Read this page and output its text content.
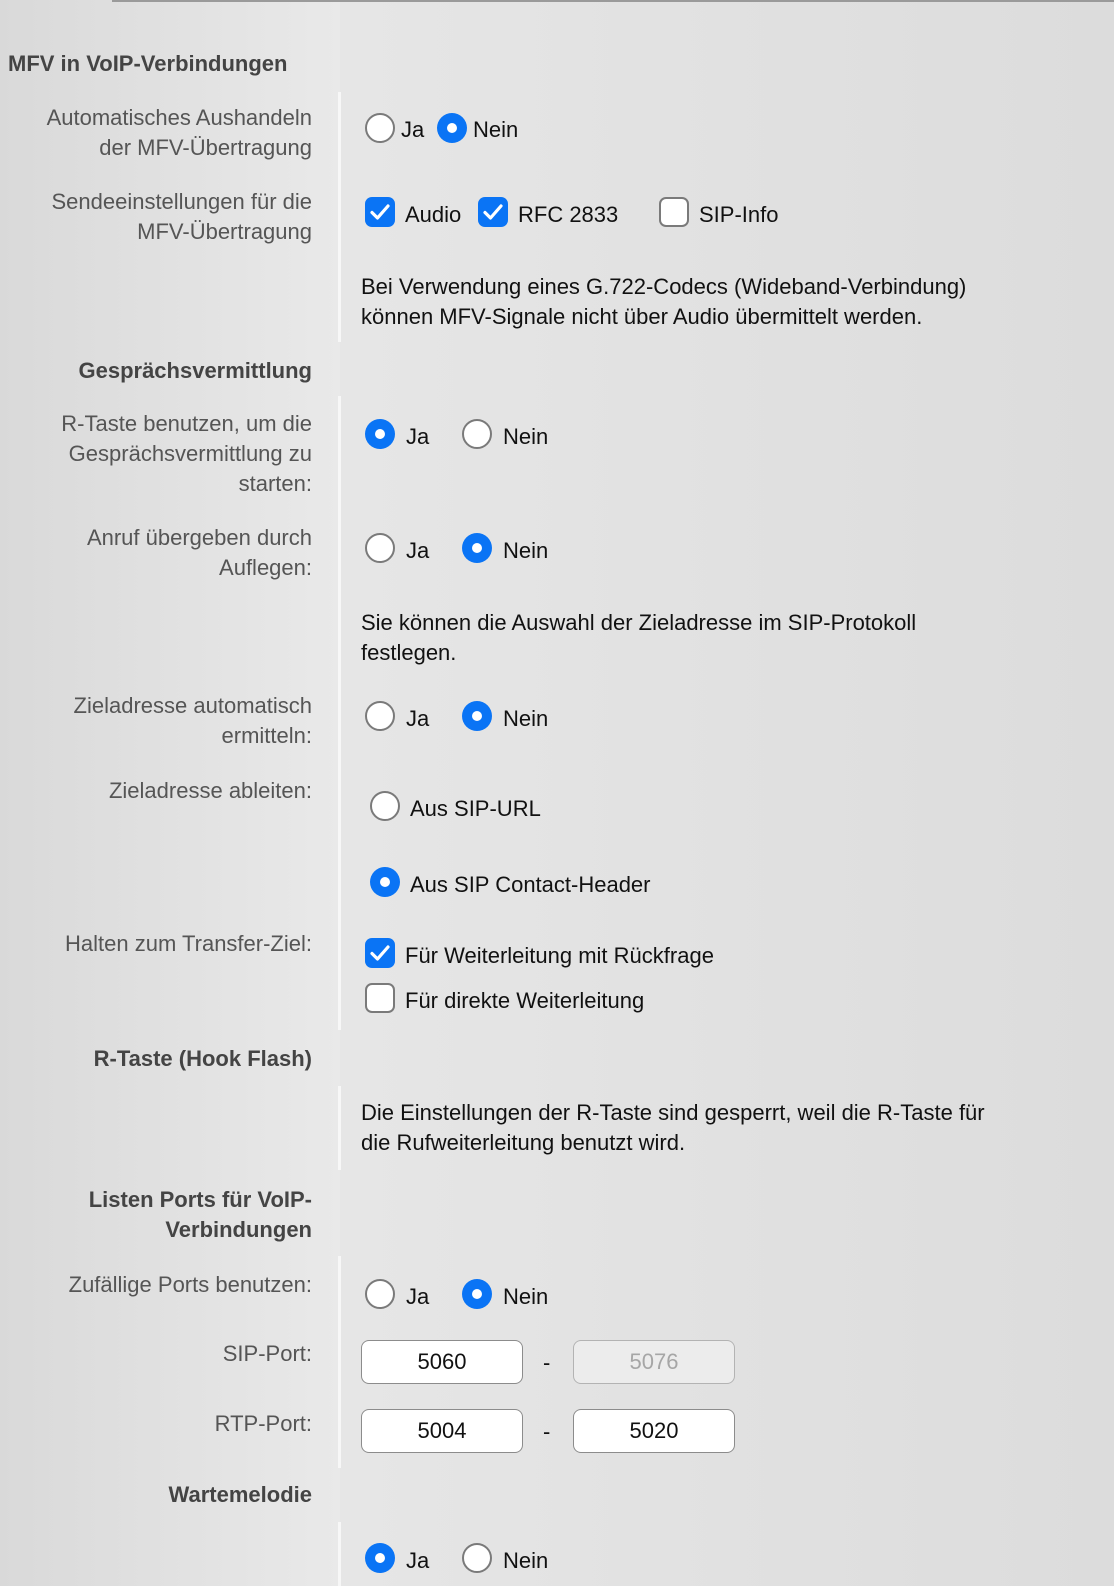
MFV in VoIP-Verbindungen
Automatisches Aushandeln
der MFV-Übertragung
Ja Nein
Sendeeinstellungen für die
MFV-Übertragung
Audio	RFC 2833	SIP-Info
Bei Verwendung eines G.722-Codecs (Wideband-Verbindung)
können MFV-Signale nicht über Audio übermittelt werden.
Gesprächsvermittlung
R-Taste benutzen, um die
Gesprächsvermittlung zu
starten:
Ja	Nein
Anruf übergeben durch
Auflegen:
Ja	Nein
Sie können die Auswahl der Zieladresse im SIP-Protokoll
festlegen.
Zieladresse automatisch
ermitteln:
Ja	Nein
Zieladresse ableiten:
Aus SIP-URL
Aus SIP Contact-Header
Halten zum Transfer-Ziel:	Für Weiterleitung mit Rückfrage
Für direkte Weiterleitung
R-Taste (Hook Flash)
Die Einstellungen der R-Taste sind gesperrt, weil die R-Taste für
die Rufweiterleitung benutzt wird.
Listen Ports für VoIP-
Verbindungen
Zufällige Ports benutzen:	Ja	Nein
SIP-Port:	5060	-	5076
RTP-Port:	5004	-	5020
Wartemelodie
Ja	Nein
